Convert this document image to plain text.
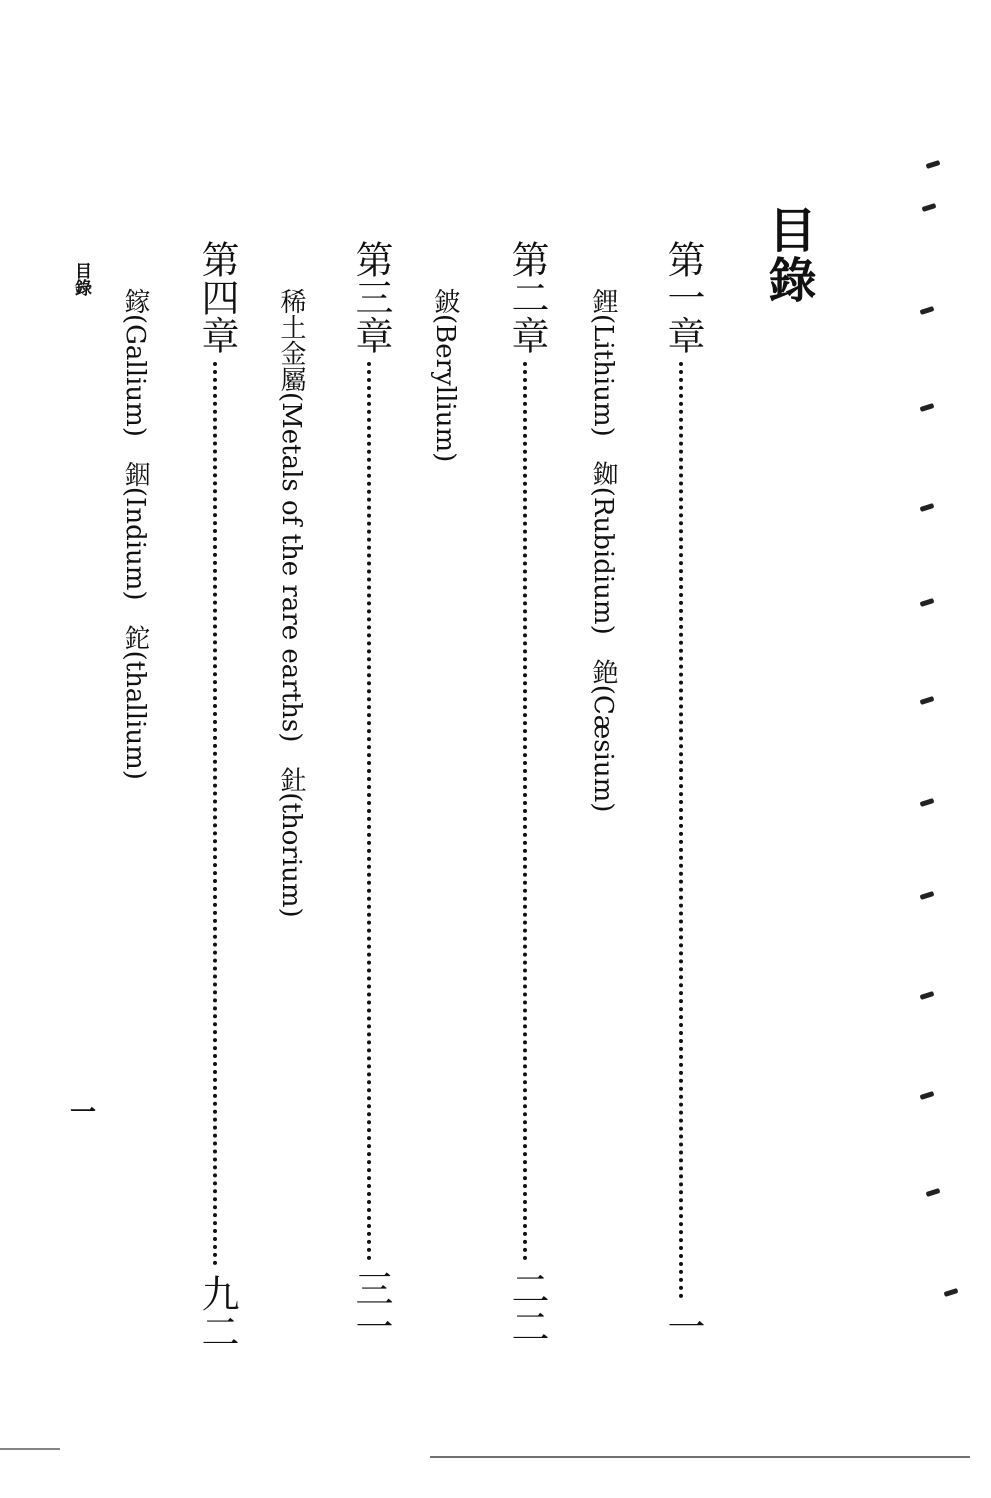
目錄
第一章
一
鋰(Lithium)銣(Rubidium)銫(Cæsium)
第二章
二二
鈹(Beryllium)
第三章
三一
稀土金屬(Metals of the rare earths)釷(thorium)
第四章
九二
鎵(Gallium)銦(Indium)鉈(thallium)
目錄
一
